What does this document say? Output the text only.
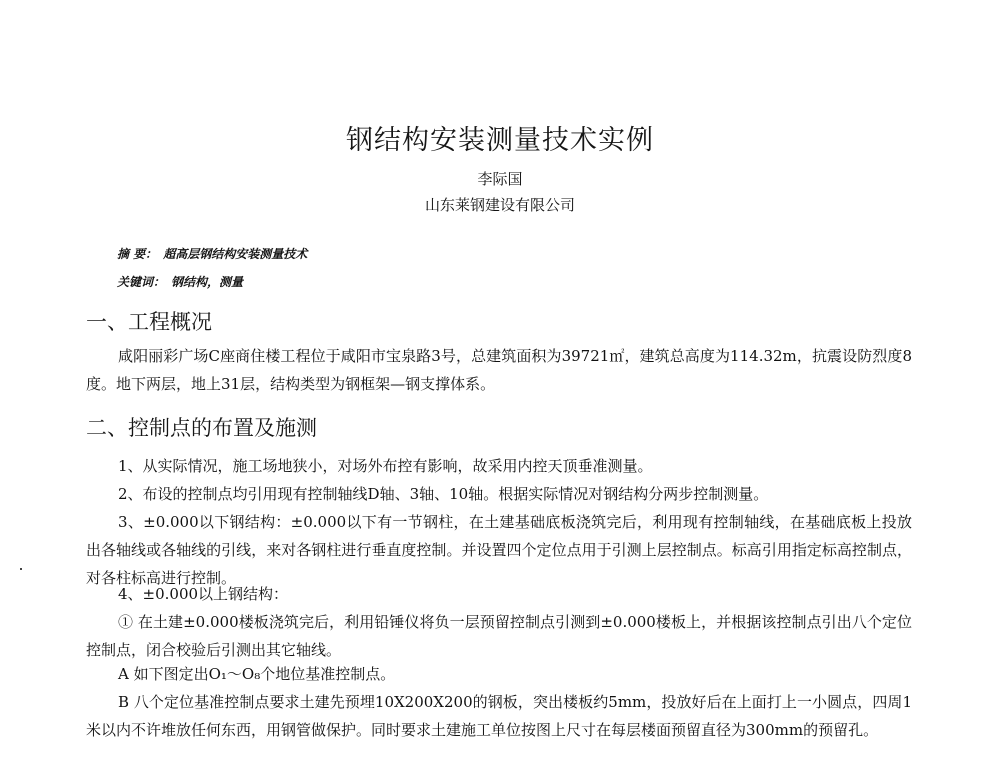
钢结构安装测量技术实例
李际国
山东莱钢建设有限公司
摘 要： 超高层钢结构安装测量技术
关键词： 钢结构，测量
一、工程概况
咸阳丽彩广场C座商住楼工程位于咸阳市宝泉路3号，总建筑面积为39721㎡，建筑总高度为114.32m，抗震设防烈度8度。地下两层，地上31层，结构类型为钢框架—钢支撑体系。
二、控制点的布置及施测
1、从实际情况，施工场地狭小，对场外布控有影响，故采用内控天顶垂准测量。
2、布设的控制点均引用现有控制轴线D轴、3轴、10轴。根据实际情况对钢结构分两步控制测量。
3、±0.000以下钢结构：±0.000以下有一节钢柱，在土建基础底板浇筑完后，利用现有控制轴线，在基础底板上投放出各轴线或各轴线的引线，来对各钢柱进行垂直度控制。并设置四个定位点用于引测上层控制点。标高引用指定标高控制点，对各柱标高进行控制。
4、±0.000以上钢结构：
① 在土建±0.000楼板浇筑完后，利用铅锤仪将负一层预留控制点引测到±0.000楼板上，并根据该控制点引出八个定位控制点，闭合校验后引测出其它轴线。
A 如下图定出O₁～O₈个地位基准控制点。
B 八个定位基准控制点要求土建先预埋10X200X200的钢板，突出楼板约5mm，投放好后在上面打上一小圆点，四周1米以内不许堆放任何东西，用钢管做保护。同时要求土建施工单位按图上尺寸在每层楼面预留直径为300mm的预留孔。
